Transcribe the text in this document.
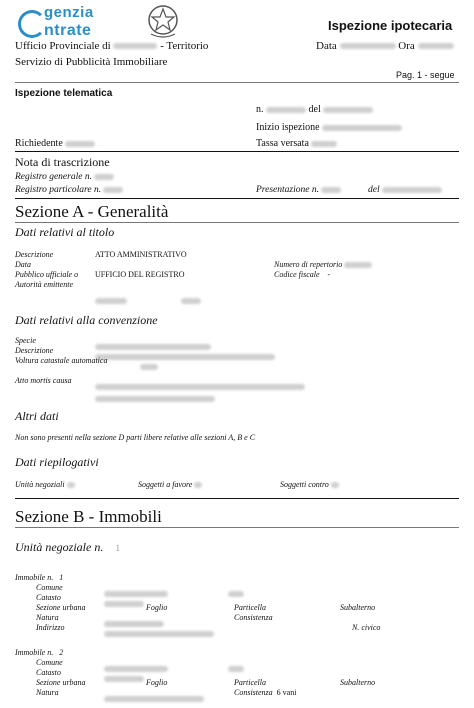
genzia
ntrate	Ispezione ipotecaria
Ufficio Provinciale di	- Territorio
Servizio di Pubblicità Immobiliare
Data	Ora
Pag. 1 - segue
Ispezione telematica
n.	del
Inizio ispezione
Richiedente	Tassa versata
Nota di trascrizione
Registro generale n.
Registro particolare n.	Presentazione n.	del
Sezione A - Generalità
Dati relativi al titolo
Descrizione	ATTO AMMINISTRATIVO
Data	Numero di repertorio
Pubblico ufficiale o UFFICIO DEL REGISTRO	Codice fiscale -
Autorità emittente

Dati relativi alla convenzione
Specie
Descrizione
Voltura catastale automatica
Atto mortis causa
Altri dati
Non sono presenti nella sezione D parti libere relative alle sezioni A, B e C
Dati riepilogativi
Unità negoziali	Soggetti a favore	Soggetti contro
Sezione B - Immobili
Unità negoziale n. 1
Immobile n. 1
Comune
Catasto
Sezione urbana	Foglio	Particella	Subalterno
Natura	Consistenza
Indirizzo	N. civico
Immobile n. 2
Comune
Catasto
Sezione urbana	Foglio	Particella	Subalterno
Natura	Consistenza 6 vani
